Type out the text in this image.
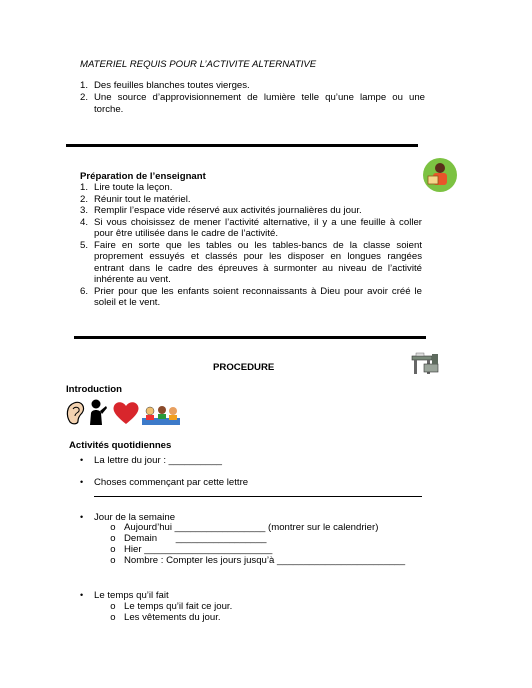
MATERIEL REQUIS POUR L’ACTIVITE ALTERNATIVE
1. Des feuilles blanches toutes vierges.
2. Une source d’approvisionnement de lumière telle qu’une lampe ou une
torche.
Préparation de l’enseignant
1. Lire toute la leçon.
2. Réunir tout le matériel.
3. Remplir l’espace vide réservé aux activités journalières du jour.
4. Si vous choisissez de mener l’activité alternative, il y a une feuille à coller
pour être utilisée dans le cadre de l’activité.
5. Faire en sorte que les tables ou les tables-bancs de la classe soient
proprement essuyés et classés pour les disposer en longues rangées
entrant dans le cadre des épreuves à surmonter au niveau de l’activité
inhérente au vent.
6. Prier pour que les enfants soient reconnaissants à Dieu pour avoir créé le
soleil et le vent.
PROCEDURE
Introduction
Activités quotidiennes
• La lettre du jour : __________
• Choses commençant par cette lettre
• Jour de la semaine
o Aujourd’hui _________________ (montrer sur le calendrier)
o Demain       _________________
o Hier ________________________
o Nombre : Compter les jours jusqu’à ________________________
• Le temps qu’il fait
o Le temps qu’il fait ce jour.
o Les vêtements du jour.
